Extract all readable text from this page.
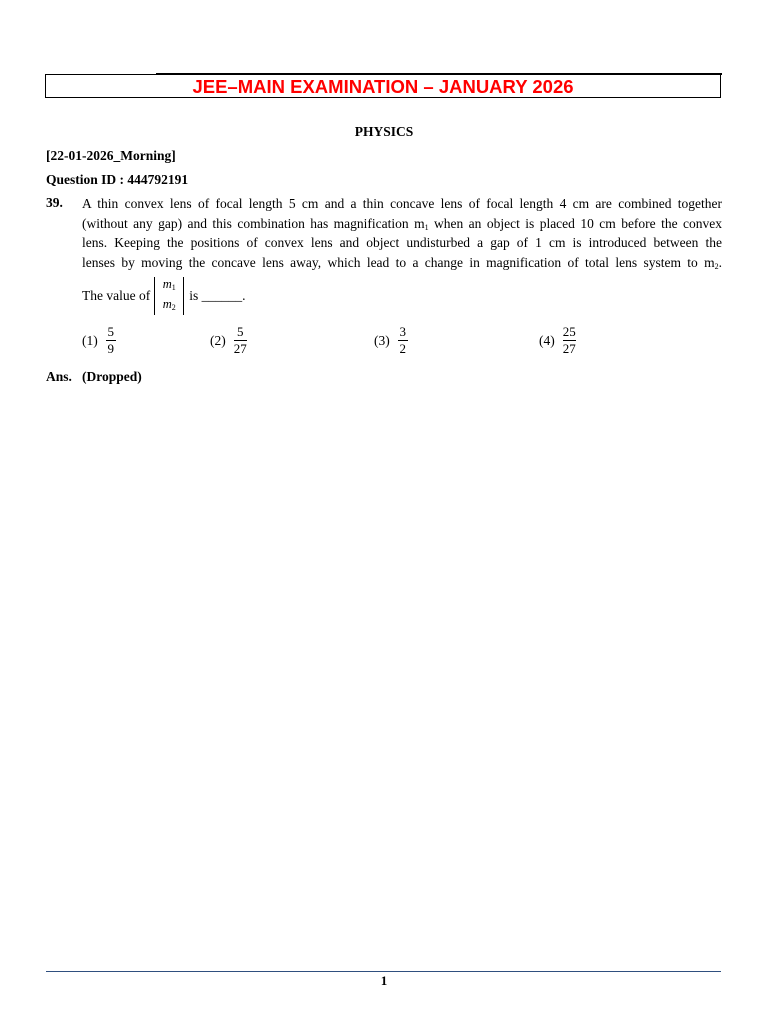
JEE–MAIN EXAMINATION – JANUARY 2026
PHYSICS
[22-01-2026_Morning]
Question ID : 444792191
39. A thin convex lens of focal length 5 cm and a thin concave lens of focal length 4 cm are combined together
(without any gap) and this combination has magnification $m_1$ when an object is placed 10 cm before the convex
lens. Keeping the positions of convex lens and object undisturbed a gap of 1 cm is introduced between the
lenses by moving the concave lens away, which lead to a change in magnification of total lens system to $m_2$.
The value of
$m_1$
$m_2$
is ______.
$(1) \frac{5}{9}$	$(2) \frac{5}{27}$	$(3) \frac{3}{2}$	$(4) \frac{25}{27}$
Ans. (Dropped)
1
